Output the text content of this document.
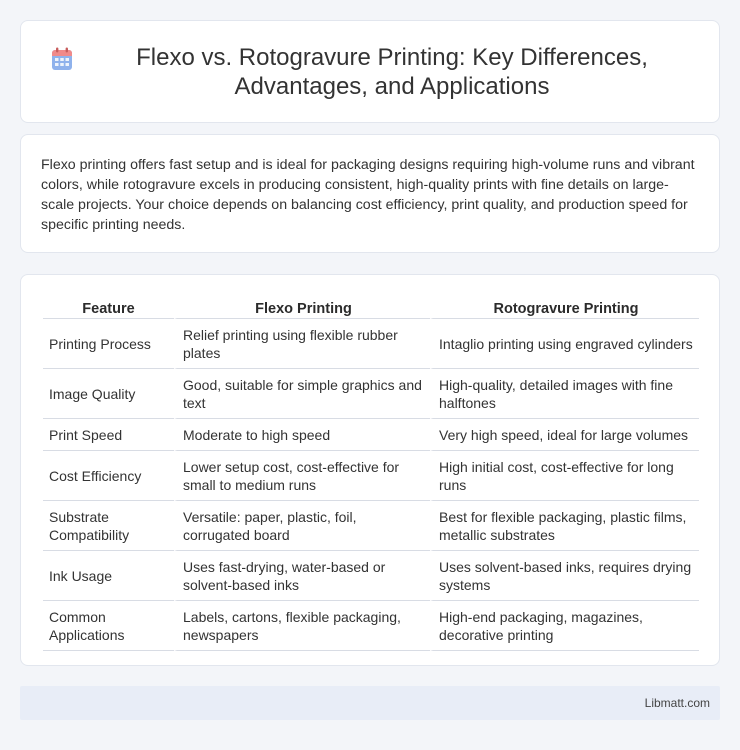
Flexo vs. Rotogravure Printing: Key Differences, Advantages, and Applications

Flexo printing offers fast setup and is ideal for packaging designs requiring high-volume runs and vibrant colors, while rotogravure excels in producing consistent, high-quality prints with fine details on large-scale projects. Your choice depends on balancing cost efficiency, print quality, and production speed for specific printing needs.

Feature	Flexo Printing	Rotogravure Printing
Printing Process	Relief printing using flexible rubber plates	Intaglio printing using engraved cylinders
Image Quality	Good, suitable for simple graphics and text	High-quality, detailed images with fine halftones
Print Speed	Moderate to high speed	Very high speed, ideal for large volumes
Cost Efficiency	Lower setup cost, cost-effective for small to medium runs	High initial cost, cost-effective for long runs
Substrate Compatibility	Versatile: paper, plastic, foil, corrugated board	Best for flexible packaging, plastic films, metallic substrates
Ink Usage	Uses fast-drying, water-based or solvent-based inks	Uses solvent-based inks, requires drying systems
Common Applications	Labels, cartons, flexible packaging, newspapers	High-end packaging, magazines, decorative printing
Libmatt.com
